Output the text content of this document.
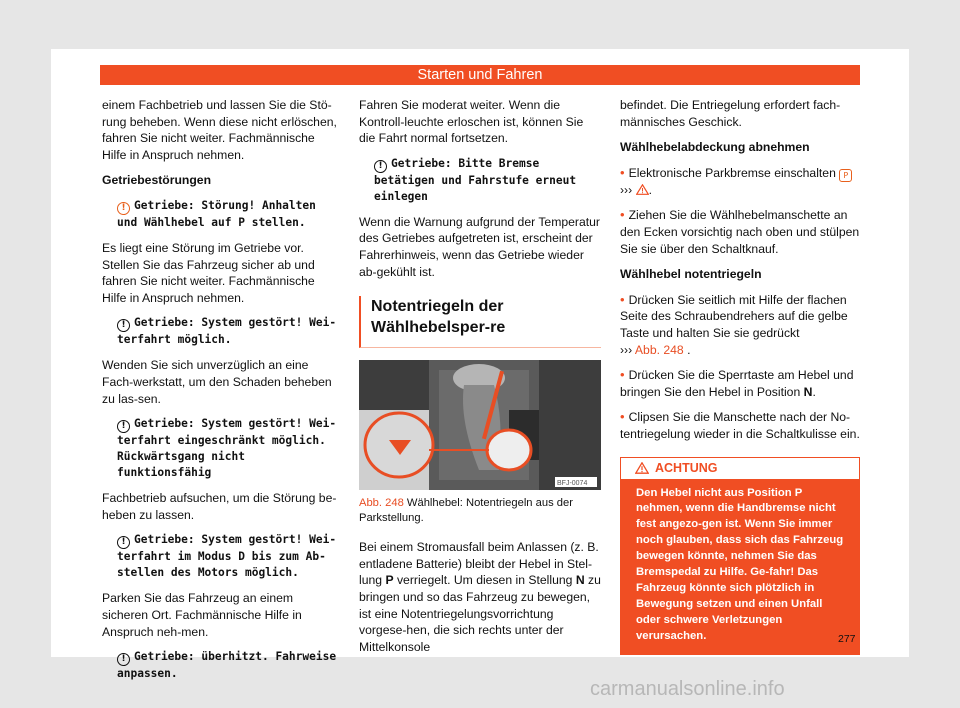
Starten und Fahren

einem Fachbetrieb und lassen Sie die Stö-rung beheben. Wenn diese nicht erlöschen, fahren Sie nicht weiter. Fachmännische Hilfe in Anspruch nehmen.

Getriebestörungen
! Getriebe: Störung! Anhalten und Wählhebel auf P stellen.

Es liegt eine Störung im Getriebe vor. Stellen Sie das Fahrzeug sicher ab und fahren Sie nicht weiter. Fachmännische Hilfe in Anspruch nehmen.

! Getriebe: System gestört! Wei-terfahrt möglich.

Wenden Sie sich unverzüglich an eine Fach-werkstatt, um den Schaden beheben zu las-sen.

! Getriebe: System gestört! Wei-terfahrt eingeschränkt möglich. Rückwärtsgang nicht funktionsfähig

Fachbetrieb aufsuchen, um die Störung be-heben zu lassen.

! Getriebe: System gestört! Wei-terfahrt im Modus D bis zum Ab-stellen des Motors möglich.

Parken Sie das Fahrzeug an einem sicheren Ort. Fachmännische Hilfe in Anspruch neh-men.

! Getriebe: überhitzt. Fahrweise anpassen.

Fahren Sie moderat weiter. Wenn die Kontroll-leuchte erloschen ist, können Sie die Fahrt normal fortsetzen.

! Getriebe: Bitte Bremse betätigen und Fahrstufe erneut einlegen

Wenn die Warnung aufgrund der Temperatur des Getriebes aufgetreten ist, erscheint der Fahrerhinweis, wenn das Getriebe wieder ab-gekühlt ist.

Notentriegeln der Wählhebelsper-re
BFJ-0074
Abb. 248 Wählhebel: Notentriegeln aus der Parkstellung.

Bei einem Stromausfall beim Anlassen (z. B. entladene Batterie) bleibt der Hebel in Stel-lung P verriegelt. Um diesen in Stellung N zu bringen und so das Fahrzeug zu bewegen, ist eine Notentriegelungsvorrichtung vorgese-hen, die sich rechts unter der Mittelkonsole

befindet. Die Entriegelung erfordert fach-männisches Geschick.

Wählhebelabdeckung abnehmen

• Elektronische Parkbremse einschalten P
››› .

• Ziehen Sie die Wählhebelmanschette an den Ecken vorsichtig nach oben und stülpen Sie sie über den Schaltknauf.

Wählhebel notentriegeln

• Drücken Sie seitlich mit Hilfe der flachen Seite des Schraubendrehers auf die gelbe Taste und halten Sie sie gedrückt
››› Abb. 248 .

• Drücken Sie die Sperrtaste am Hebel und bringen Sie den Hebel in Position N.

• Clipsen Sie die Manschette nach der No-tentriegelung wieder in die Schaltkulisse ein.

ACHTUNG
Den Hebel nicht aus Position P nehmen, wenn die Handbremse nicht fest angezo-gen ist. Wenn Sie immer noch glauben, dass sich das Fahrzeug bewegen könnte, nehmen Sie das Bremspedal zu Hilfe. Ge-fahr! Das Fahrzeug könnte sich plötzlich in Bewegung setzen und einen Unfall oder schwere Verletzungen verursachen.	277
carmanualsonline.info
